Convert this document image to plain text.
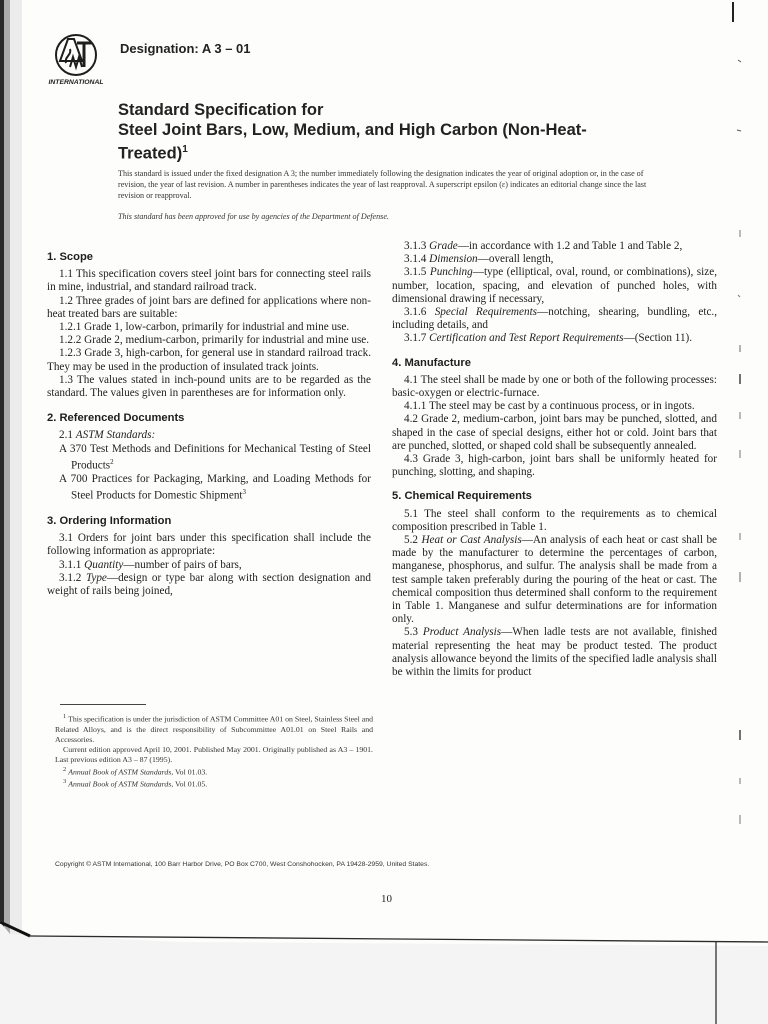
INTERNATIONAL
Designation: A 3 – 01
Standard Specification for
Steel Joint Bars, Low, Medium, and High Carbon (Non-Heat-
Treated)$^1$
This standard is issued under the fixed designation A 3; the number immediately following the designation indicates the year of original adoption or, in the case of revision, the year of last revision. A number in parentheses indicates the year of last reapproval. A superscript epsilon (ε) indicates an editorial change since the last revision or reapproval.
This standard has been approved for use by agencies of the Department of Defense.
1. Scope

1.1 This specification covers steel joint bars for connecting steel rails in mine, industrial, and standard railroad track.

1.2 Three grades of joint bars are defined for applications where non-heat treated bars are suitable:

1.2.1 Grade 1, low-carbon, primarily for industrial and mine use.

1.2.2 Grade 2, medium-carbon, primarily for industrial and mine use.

1.2.3 Grade 3, high-carbon, for general use in standard railroad track. They may be used in the production of insulated track joints.

1.3 The values stated in inch-pound units are to be regarded as the standard. The values given in parentheses are for information only.

2. Referenced Documents

2.1 ASTM Standards:

A 370 Test Methods and Definitions for Mechanical Testing of Steel Products$^2$

A 700 Practices for Packaging, Marking, and Loading Methods for Steel Products for Domestic Shipment$^3$

3. Ordering Information

3.1 Orders for joint bars under this specification shall include the following information as appropriate:

3.1.1 Quantity—number of pairs of bars,

3.1.2 Type—design or type bar along with section designation and weight of rails being joined,

3.1.3 Grade—in accordance with 1.2 and Table 1 and Table 2,

3.1.4 Dimension—overall length,

3.1.5 Punching—type (elliptical, oval, round, or combinations), size, number, location, spacing, and elevation of punched holes, with dimensional drawing if necessary,

3.1.6 Special Requirements—notching, shearing, bundling, etc., including details, and

3.1.7 Certification and Test Report Requirements—(Section 11).

4. Manufacture

4.1 The steel shall be made by one or both of the following processes: basic-oxygen or electric-furnace.

4.1.1 The steel may be cast by a continuous process, or in ingots.

4.2 Grade 2, medium-carbon, joint bars may be punched, slotted, and shaped in the case of special designs, either hot or cold. Joint bars that are punched, slotted, or shaped cold shall be subsequently annealed.

4.3 Grade 3, high-carbon, joint bars shall be uniformly heated for punching, slotting, and shaping.

5. Chemical Requirements

5.1 The steel shall conform to the requirements as to chemical composition prescribed in Table 1.

5.2 Heat or Cast Analysis—An analysis of each heat or cast shall be made by the manufacturer to determine the percentages of carbon, manganese, phosphorus, and sulfur. The analysis shall be made from a test sample taken preferably during the pouring of the heat or cast. The chemical composition thus determined shall conform to the requirement in Table 1. Manganese and sulfur determinations are for information only.

5.3 Product Analysis—When ladle tests are not available, finished material representing the heat may be product tested. The product analysis allowance beyond the limits of the specified ladle analysis shall be within the limits for product

$^1$ This specification is under the jurisdiction of ASTM Committee A01 on Steel, Stainless Steel and Related Alloys, and is the direct responsibility of Subcommittee A01.01 on Steel Rails and Accessories.

Current edition approved April 10, 2001. Published May 2001. Originally published as A3 – 1901. Last previous edition A3 – 87 (1995).

$^2$ Annual Book of ASTM Standards, Vol 01.03.

$^3$ Annual Book of ASTM Standards, Vol 01.05.

Copyright © ASTM International, 100 Barr Harbor Drive, PO Box C700, West Conshohocken, PA 19428-2959, United States.
10
